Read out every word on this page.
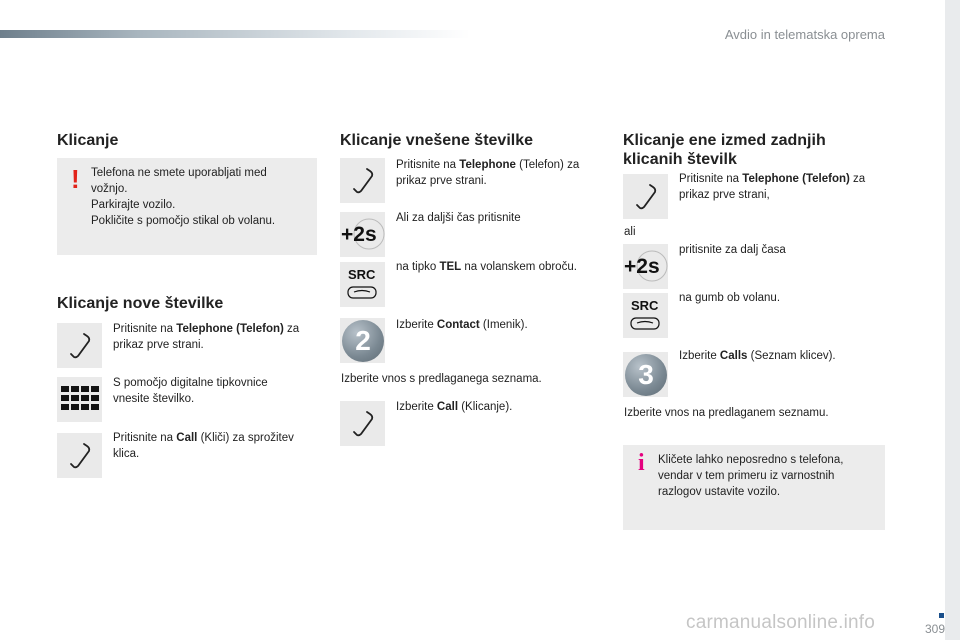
Avdio in telematska oprema
Klicanje
! Telefona ne smete uporabljati med
vožnjo.
Parkirajte vozilo.
Pokličite s pomočjo stikal ob volanu.
Klicanje nove številke
Pritisnite na Telephone (Telefon) za
prikaz prve strani.
S pomočjo digitalne tipkovnice
vnesite številko.
Pritisnite na Call (Kliči) za sprožitev
klica.
Klicanje vnešene številke
Pritisnite na Telephone (Telefon) za
prikaz prve strani.
+2s
Ali za daljši čas pritisnite
SRC na tipko TEL na volanskem obroču.
2	Izberite Contact (Imenik).
Izberite vnos s predlaganega seznama.
Izberite Call (Klicanje).
Klicanje ene izmed zadnjih
klicanih številk
Pritisnite na Telephone (Telefon) za
prikaz prve strani,
ali
+2s
pritisnite za dalj časa
SRC na gumb ob volanu.
3
Izberite Calls (Seznam klicev).
Izberite vnos na predlaganem seznamu.
i Kličete lahko neposredno s telefona,
vendar v tem primeru iz varnostnih
razlogov ustavite vozilo.
carmanualsonline.info	309
